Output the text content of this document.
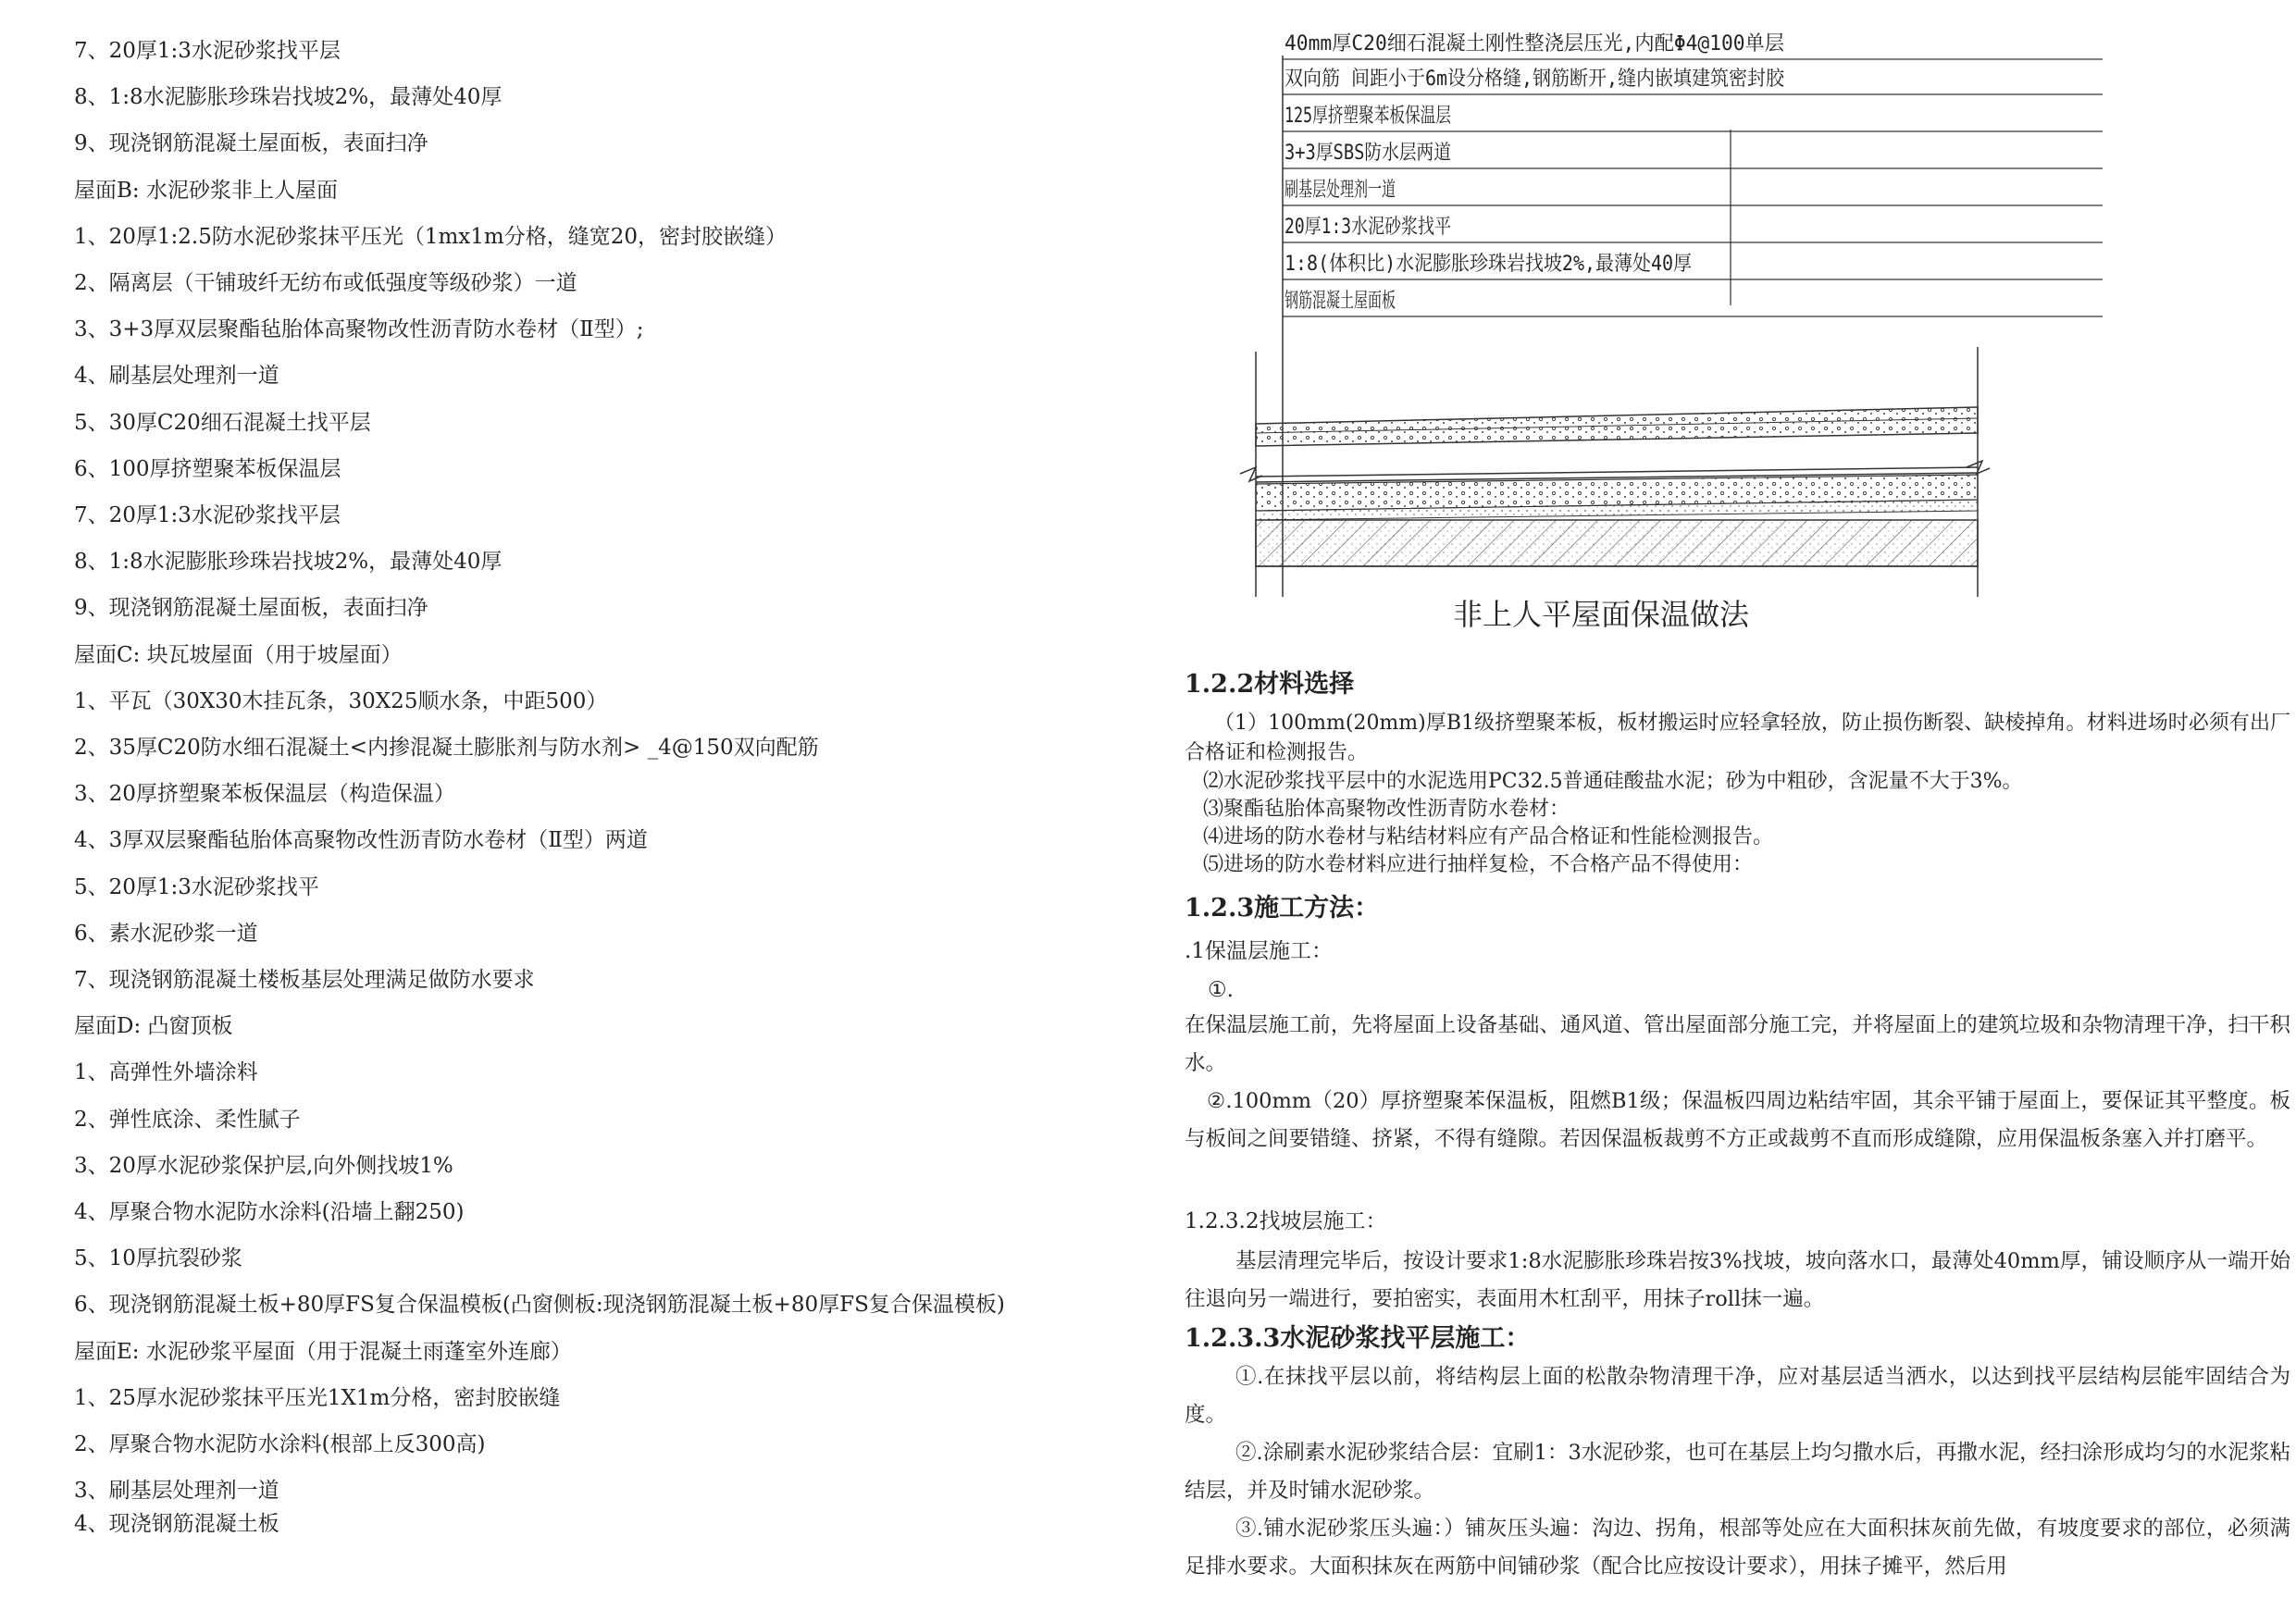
7、20厚1:3水泥砂浆找平层
8、1:8水泥膨胀珍珠岩找坡2%，最薄处40厚
9、现浇钢筋混凝土屋面板，表面扫净
屋面B: 水泥砂浆非上人屋面
1、20厚1:2.5防水泥砂浆抹平压光（1mx1m分格，缝宽20，密封胶嵌缝）
2、隔离层（干铺玻纤无纺布或低强度等级砂浆）一道
3、3+3厚双层聚酯毡胎体高聚物改性沥青防水卷材（Ⅱ型）;
4、刷基层处理剂一道
5、30厚C20细石混凝土找平层
6、100厚挤塑聚苯板保温层
7、20厚1:3水泥砂浆找平层
8、1:8水泥膨胀珍珠岩找坡2%，最薄处40厚
9、现浇钢筋混凝土屋面板，表面扫净
屋面C: 块瓦坡屋面（用于坡屋面）
1、平瓦（30X30木挂瓦条，30X25顺水条，中距500）
2、35厚C20防水细石混凝土<内掺混凝土膨胀剂与防水剂> _4@150双向配筋
3、20厚挤塑聚苯板保温层（构造保温）
4、3厚双层聚酯毡胎体高聚物改性沥青防水卷材（Ⅱ型）两道
5、20厚1:3水泥砂浆找平
6、素水泥砂浆一道
7、现浇钢筋混凝土楼板基层处理满足做防水要求
屋面D: 凸窗顶板
1、高弹性外墙涂料
2、弹性底涂、柔性腻子
3、20厚水泥砂浆保护层,向外侧找坡1%
4、厚聚合物水泥防水涂料(沿墙上翻250)
5、10厚抗裂砂浆
6、现浇钢筋混凝土板+80厚FS复合保温模板(凸窗侧板:现浇钢筋混凝土板+80厚FS复合保温模板)
屋面E: 水泥砂浆平屋面（用于混凝土雨蓬室外连廊）
1、25厚水泥砂浆抹平压光1X1m分格，密封胶嵌缝
2、厚聚合物水泥防水涂料(根部上反300高)
3、刷基层处理剂一道
4、现浇钢筋混凝土板
40mm厚C20细石混凝土刚性整浇层压光,内配Φ4@100单层
双向筋 间距小于6m设分格缝,钢筋断开,缝内嵌填建筑密封胶
125厚挤塑聚苯板保温层
3+3厚SBS防水层两道
刷基层处理剂一道
20厚1:3水泥砂浆找平
1:8(体积比)水泥膨胀珍珠岩找坡2%,最薄处40厚
钢筋混凝土屋面板
非上人平屋面保温做法
1.2.2材料选择
（1）100mm(20mm)厚B1级挤塑聚苯板，板材搬运时应轻拿轻放，防止损伤断裂、缺棱掉角。材料进场时必须有出厂合格证和检测报告。
⑵水泥砂浆找平层中的水泥选用PC32.5普通硅酸盐水泥；砂为中粗砂，含泥量不大于3%。
⑶聚酯毡胎体高聚物改性沥青防水卷材：
⑷进场的防水卷材与粘结材料应有产品合格证和性能检测报告。
⑸进场的防水卷材料应进行抽样复检，不合格产品不得使用：
1.2.3施工方法：
.1保温层施工：
①.
在保温层施工前，先将屋面上设备基础、通风道、管出屋面部分施工完，并将屋面上的建筑垃圾和杂物清理干净，扫干积水。
②.100mm（20）厚挤塑聚苯保温板，阻燃B1级；保温板四周边粘结牢固，其余平铺于屋面上，要保证其平整度。板与板间之间要错缝、挤紧，不得有缝隙。若因保温板裁剪不方正或裁剪不直而形成缝隙，应用保温板条塞入并打磨平。
1.2.3.2找坡层施工：
基层清理完毕后，按设计要求1:8水泥膨胀珍珠岩按3%找坡，坡向落水口，最薄处40mm厚，铺设顺序从一端开始往退向另一端进行，要拍密实，表面用木杠刮平，用抹子roll抹一遍。
1.2.3.3水泥砂浆找平层施工：
①.在抹找平层以前，将结构层上面的松散杂物清理干净，应对基层适当洒水，以达到找平层结构层能牢固结合为度。
②.涂刷素水泥砂浆结合层：宜刷1：3水泥砂浆，也可在基层上均匀撒水后，再撒水泥，经扫涂形成均匀的水泥浆粘结层，并及时铺水泥砂浆。
③.铺水泥砂浆压头遍：）铺灰压头遍：沟边、拐角，根部等处应在大面积抹灰前先做，有坡度要求的部位，必须满足排水要求。大面积抹灰在两筋中间铺砂浆（配合比应按设计要求），用抹子摊平，然后用
